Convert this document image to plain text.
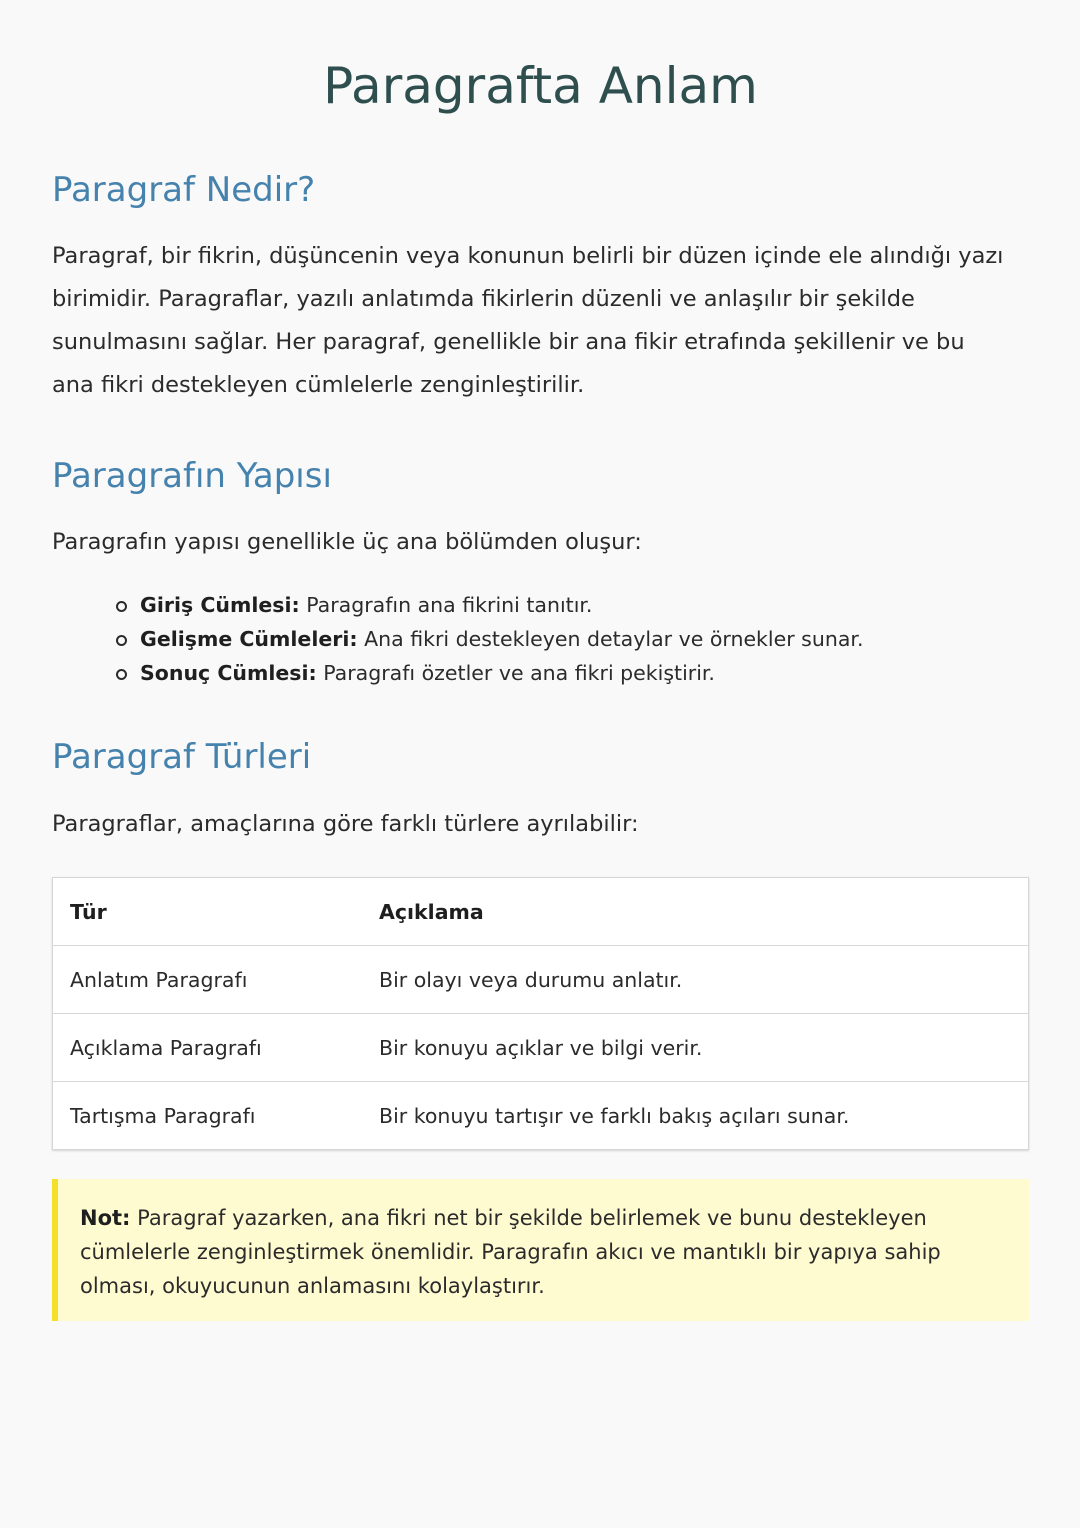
Paragrafta Anlam
Paragraf Nedir?

Paragraf, bir fikrin, düşüncenin veya konunun belirli bir düzen içinde ele alındığı yazı birimidir. Paragraflar, yazılı anlatımda fikirlerin düzenli ve anlaşılır bir şekilde sunulmasını sağlar. Her paragraf, genellikle bir ana fikir etrafında şekillenir ve bu ana fikri destekleyen cümlelerle zenginleştirilir.

Paragrafın Yapısı

Paragrafın yapısı genellikle üç ana bölümden oluşur:

Giriş Cümlesi: Paragrafın ana fikrini tanıtır.
Gelişme Cümleleri: Ana fikri destekleyen detaylar ve örnekler sunar.
Sonuç Cümlesi: Paragrafı özetler ve ana fikri pekiştirir.
Paragraf Türleri

Paragraflar, amaçlarına göre farklı türlere ayrılabilir:

Tür	Açıklama
Anlatım Paragrafı	Bir olayı veya durumu anlatır.
Açıklama Paragrafı	Bir konuyu açıklar ve bilgi verir.
Tartışma Paragrafı	Bir konuyu tartışır ve farklı bakış açıları sunar.

Not: Paragraf yazarken, ana fikri net bir şekilde belirlemek ve bunu destekleyen cümlelerle zenginleştirmek önemlidir. Paragrafın akıcı ve mantıklı bir yapıya sahip olması, okuyucunun anlamasını kolaylaştırır.
